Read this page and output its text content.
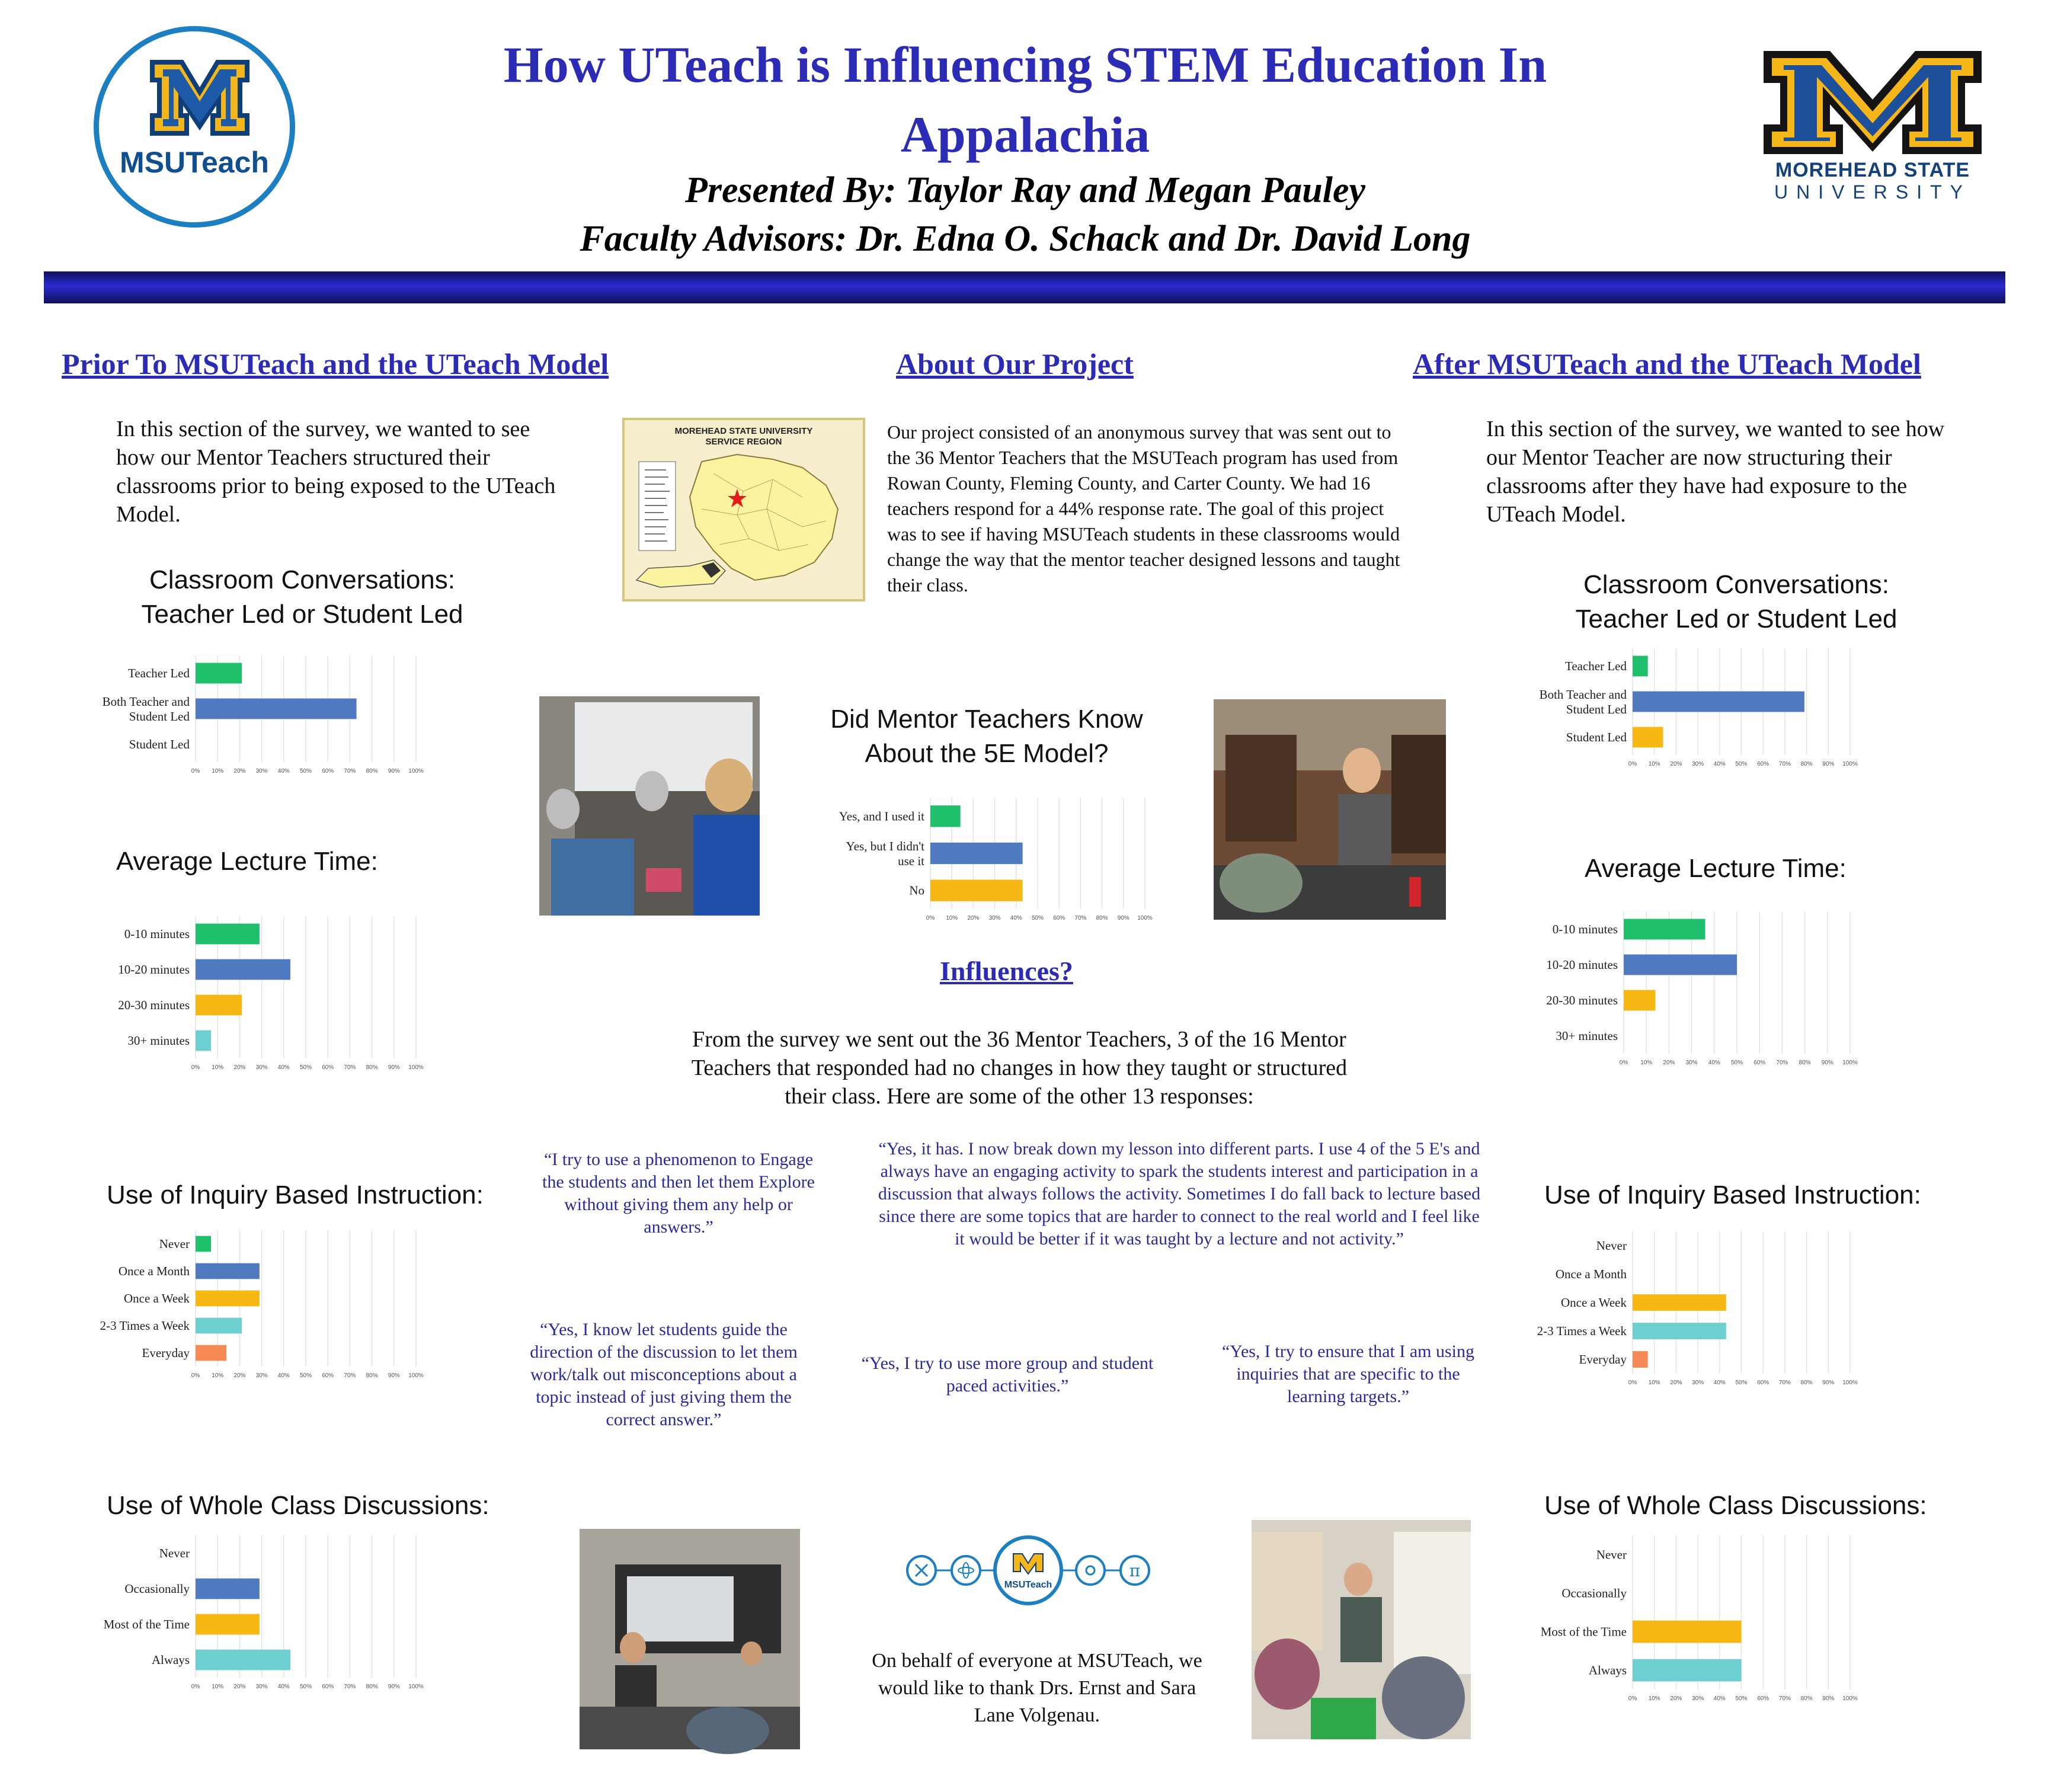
MSUTeach
How UTeach is Influencing STEM Education In Appalachia
Presented By: Taylor Ray and Megan Pauley
Faculty Advisors: Dr. Edna O. Schack and Dr. David Long
MOREHEAD STATE
UNIVERSITY
Prior To MSUTeach and the UTeach Model
In this section of the survey, we wanted to see how our Mentor Teachers structured their classrooms prior to being exposed to the UTeach Model.
Classroom Conversations:
Teacher Led or Student Led
0% 10% 20% 30% 40% 50% 60% 70% 80% 90% 100%
Teacher Led
Both Teacher and Student Led
Student Led
Average Lecture Time:
0% 10% 20% 30% 40% 50% 60% 70% 80% 90% 100%
0-10 minutes
10-20 minutes
20-30 minutes
30+ minutes
Use of Inquiry Based Instruction:
0% 10% 20% 30% 40% 50% 60% 70% 80% 90% 100%
Never
Once a Month
Once a Week
2-3 Times a Week
Everyday
Use of Whole Class Discussions:
0% 10% 20% 30% 40% 50% 60% 70% 80% 90% 100%
Never
Occasionally
Most of the Time
Always
About Our Project
MOREHEAD STATE UNIVERSITY
SERVICE REGION	Our project consisted of an anonymous survey that was sent out to the 36 Mentor Teachers that the MSUTeach program has used from Rowan County, Fleming County, and Carter County. We had 16 teachers respond for a 44% response rate. The goal of this project was to see if having MSUTeach students in these classrooms would change the way that the mentor teacher designed lessons and taught their class.
Did Mentor Teachers Know
About the 5E Model?
0% 10% 20% 30% 40% 50% 60% 70% 80% 90% 100%
Yes, and I used it
Yes, but I didn't use it
No
Influences?
From the survey we sent out the 36 Mentor Teachers, 3 of the 16 Mentor Teachers that responded had no changes in how they taught or structured their class. Here are some of the other 13 responses:
“I try to use a phenomenon to Engage the students and then let them Explore without giving them any help or answers.”
“Yes, it has. I now break down my lesson into different parts. I use 4 of the 5 E's and always have an engaging activity to spark the students interest and participation in a discussion that always follows the activity. Sometimes I do fall back to lecture based since there are some topics that are harder to connect to the real world and I feel like it would be better if it was taught by a lecture and not activity.”
“Yes, I know let students guide the direction of the discussion to let them work/talk out misconceptions about a topic instead of just giving them the correct answer.”
“Yes, I try to use more group and student paced activities.”
“Yes, I try to ensure that I am using inquiries that are specific to the learning targets.”
π
MSUTeach
On behalf of everyone at MSUTeach, we would like to thank Drs. Ernst and Sara Lane Volgenau.
After MSUTeach and the UTeach Model
In this section of the survey, we wanted to see how our Mentor Teacher are now structuring their classrooms after they have had exposure to the UTeach Model.
Classroom Conversations:
Teacher Led or Student Led
0% 10% 20% 30% 40% 50% 60% 70% 80% 90% 100%
Teacher Led
Both Teacher and Student Led
Student Led
Average Lecture Time:
0% 10% 20% 30% 40% 50% 60% 70% 80% 90% 100%
0-10 minutes
10-20 minutes
20-30 minutes
30+ minutes
Use of Inquiry Based Instruction:
0% 10% 20% 30% 40% 50% 60% 70% 80% 90% 100%
Never
Once a Month
Once a Week
2-3 Times a Week
Everyday
Use of Whole Class Discussions:
0% 10% 20% 30% 40% 50% 60% 70% 80% 90% 100%
Never
Occasionally
Most of the Time
Always
